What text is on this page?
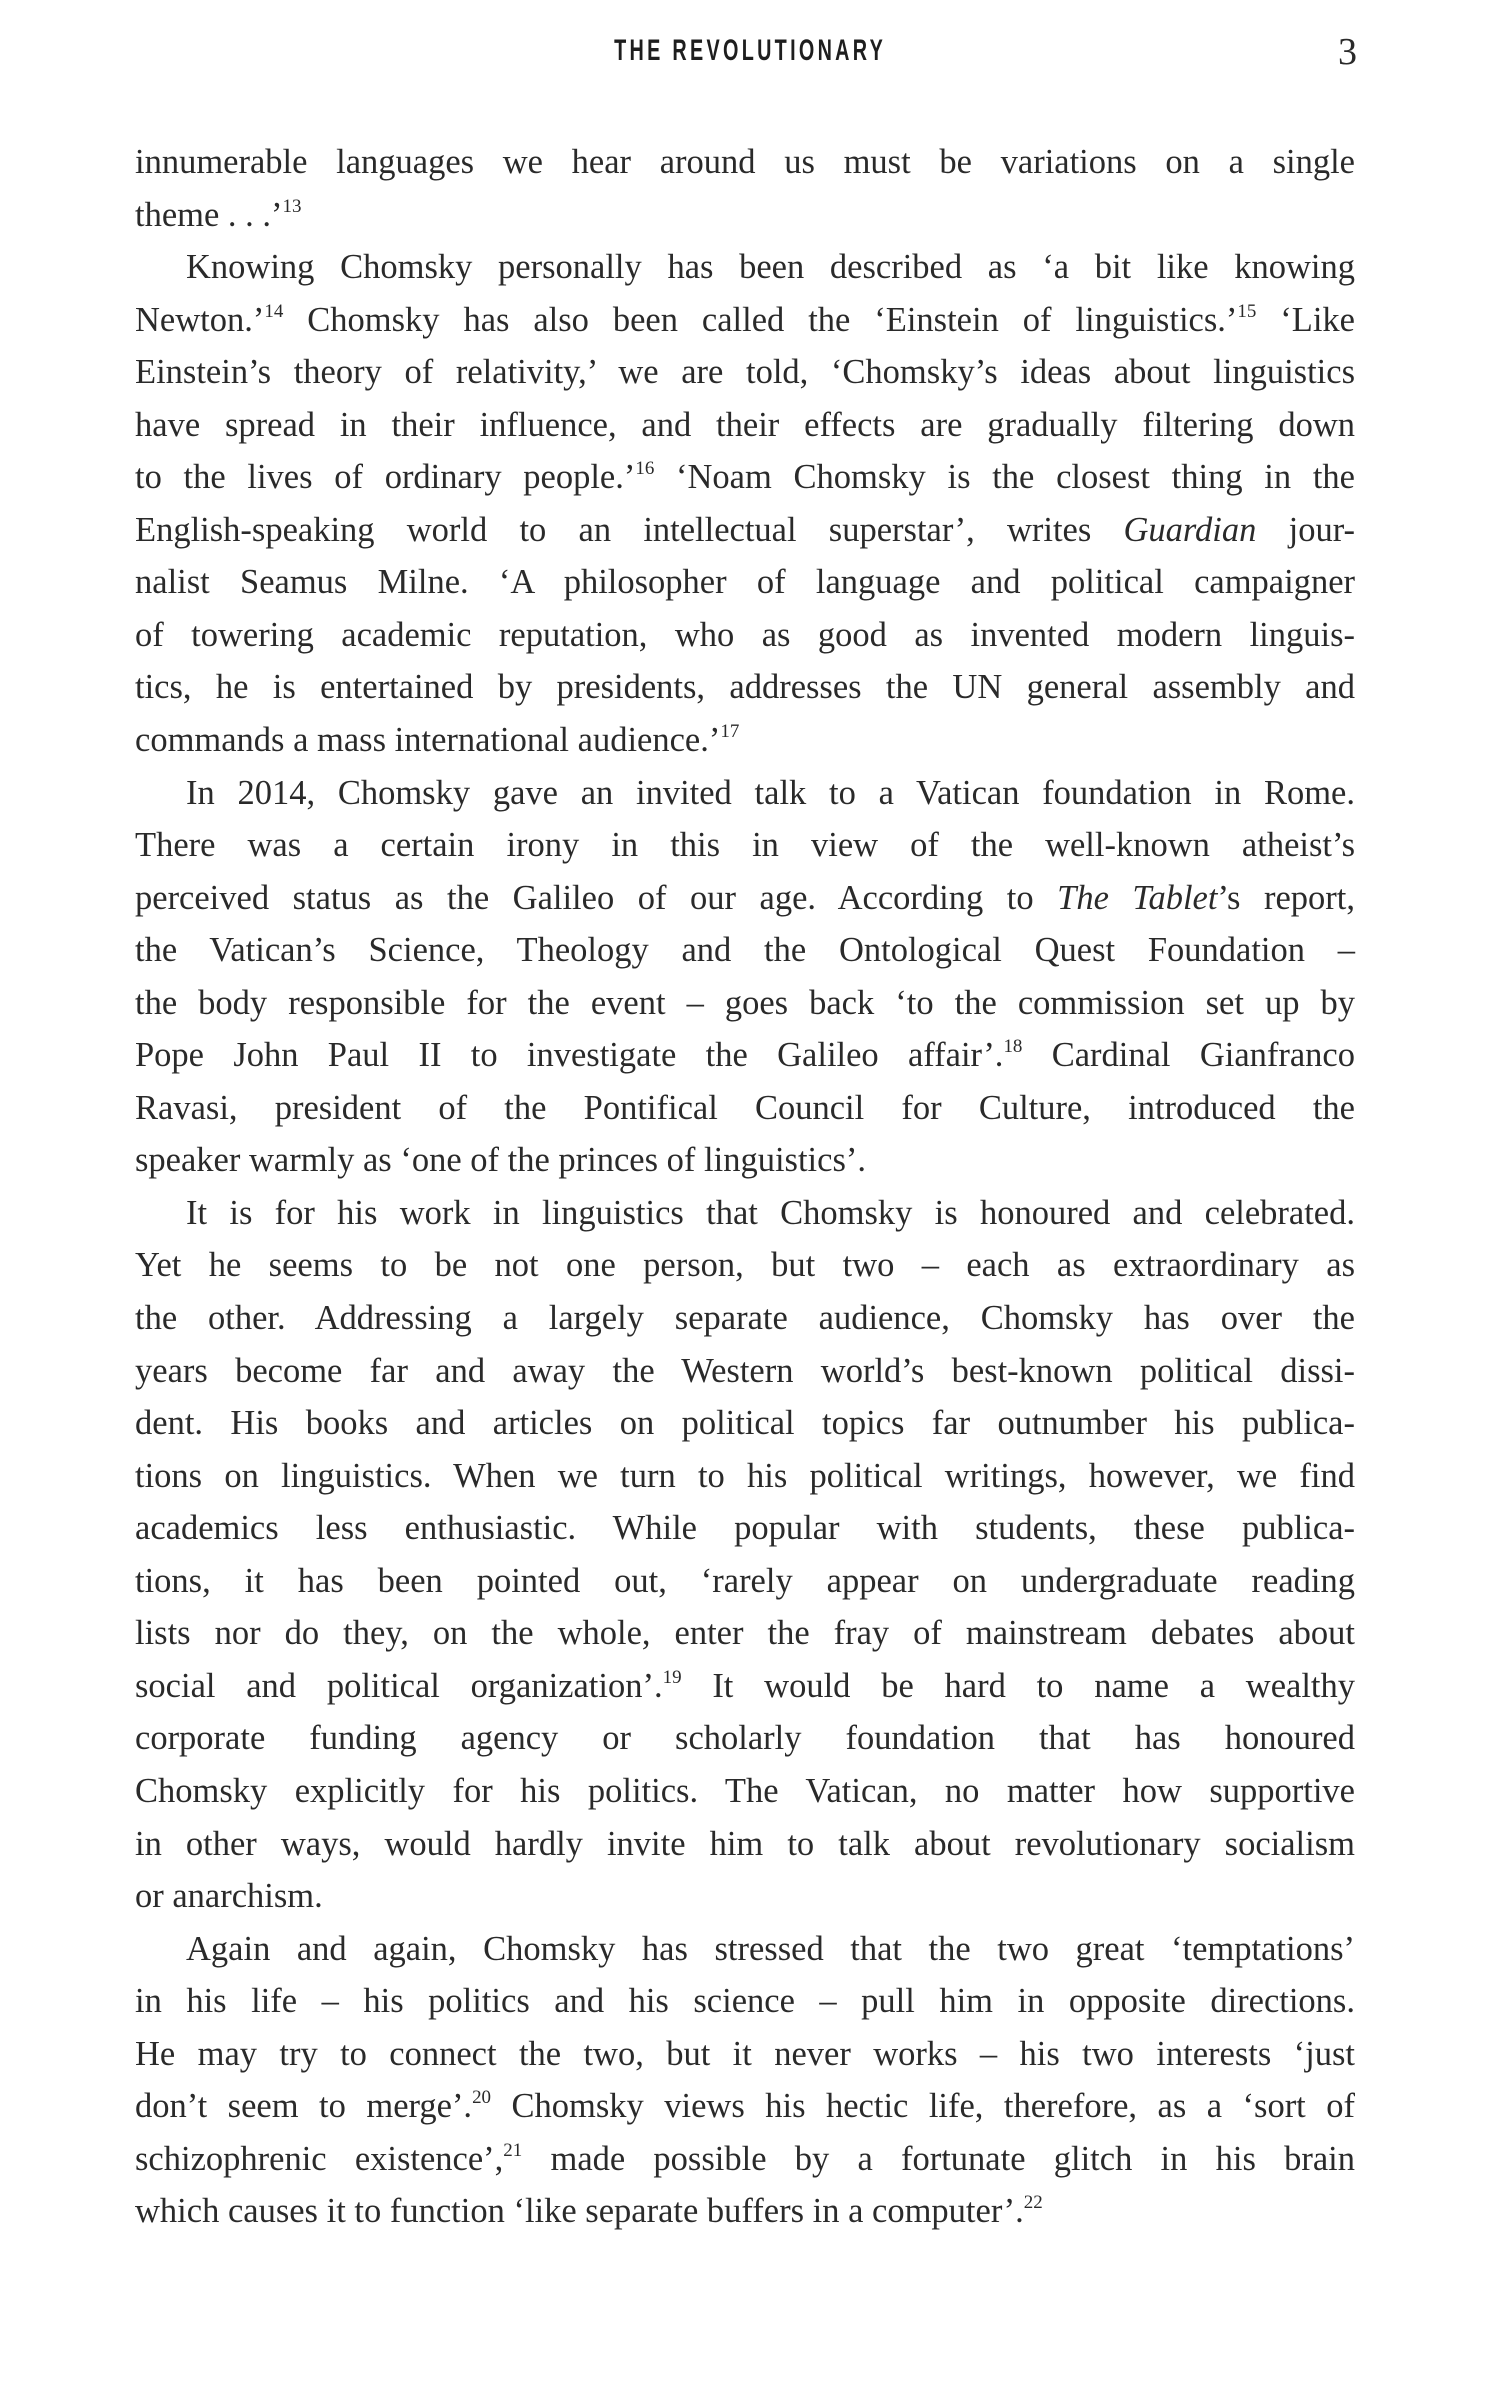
THE REVOLUTIONARY	3
innumerable languages we hear around us must be variations on a single
theme . . .’$^{13}$
Knowing Chomsky personally has been described as ‘a bit like knowing
Newton.’$^{14}$ Chomsky has also been called the ‘Einstein of linguistics.’$^{15}$ ‘Like
Einstein’s theory of relativity,’ we are told, ‘Chomsky’s ideas about linguistics
have spread in their influence, and their effects are gradually filtering down
to the lives of ordinary people.’$^{16}$ ‘Noam Chomsky is the closest thing in the
English-speaking world to an intellectual superstar’, writes Guardian jour-
nalist Seamus Milne. ‘A philosopher of language and political campaigner
of towering academic reputation, who as good as invented modern linguis-
tics, he is entertained by presidents, addresses the UN general assembly and
commands a mass international audience.’$^{17}$
In 2014, Chomsky gave an invited talk to a Vatican foundation in Rome.
There was a certain irony in this in view of the well-known atheist’s
perceived status as the Galileo of our age. According to The Tablet’s report,
the Vatican’s Science, Theology and the Ontological Quest Foundation –
the body responsible for the event – goes back ‘to the commission set up by
Pope John Paul II to investigate the Galileo affair’.$^{18}$ Cardinal Gianfranco
Ravasi, president of the Pontifical Council for Culture, introduced the
speaker warmly as ‘one of the princes of linguistics’.
It is for his work in linguistics that Chomsky is honoured and celebrated.
Yet he seems to be not one person, but two – each as extraordinary as
the other. Addressing a largely separate audience, Chomsky has over the
years become far and away the Western world’s best-known political dissi-
dent. His books and articles on political topics far outnumber his publica-
tions on linguistics. When we turn to his political writings, however, we find
academics less enthusiastic. While popular with students, these publica-
tions, it has been pointed out, ‘rarely appear on undergraduate reading
lists nor do they, on the whole, enter the fray of mainstream debates about
social and political organization’.$^{19}$ It would be hard to name a wealthy
corporate funding agency or scholarly foundation that has honoured
Chomsky explicitly for his politics. The Vatican, no matter how supportive
in other ways, would hardly invite him to talk about revolutionary socialism
or anarchism.
Again and again, Chomsky has stressed that the two great ‘temptations’
in his life – his politics and his science – pull him in opposite directions.
He may try to connect the two, but it never works – his two interests ‘just
don’t seem to merge’.$^{20}$ Chomsky views his hectic life, therefore, as a ‘sort of
schizophrenic existence’,$^{21}$ made possible by a fortunate glitch in his brain
which causes it to function ‘like separate buffers in a computer’.$^{22}$
